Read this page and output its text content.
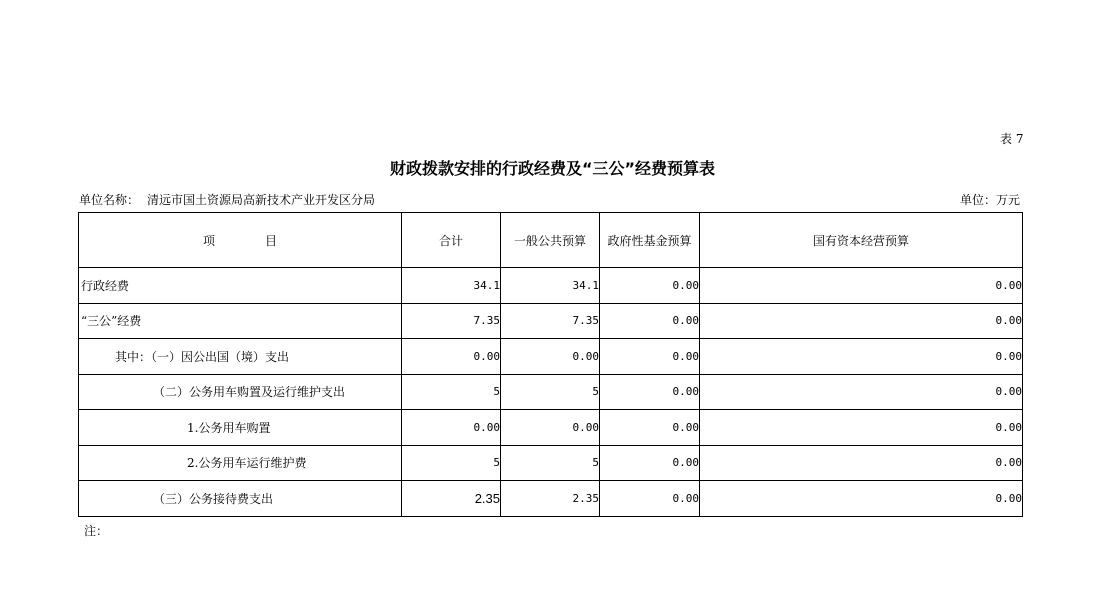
表 7
财政拨款安排的行政经费及“三公”经费预算表
单位名称： 清远市国土资源局高新技术产业开发区分局	单位：万元
项 目	合计	一般公共预算	政府性基金预算	国有资本经营预算
行政经费	34.1	34.1	0.00	0.00
“三公”经费	7.35	7.35	0.00	0.00
其中：（一）因公出国（境）支出	0.00	0.00	0.00	0.00
（二）公务用车购置及运行维护支出	5	5	0.00	0.00
1.公务用车购置	0.00	0.00	0.00	0.00
2.公务用车运行维护费	5	5	0.00	0.00
（三）公务接待费支出	2.35	2.35	0.00	0.00
注：
